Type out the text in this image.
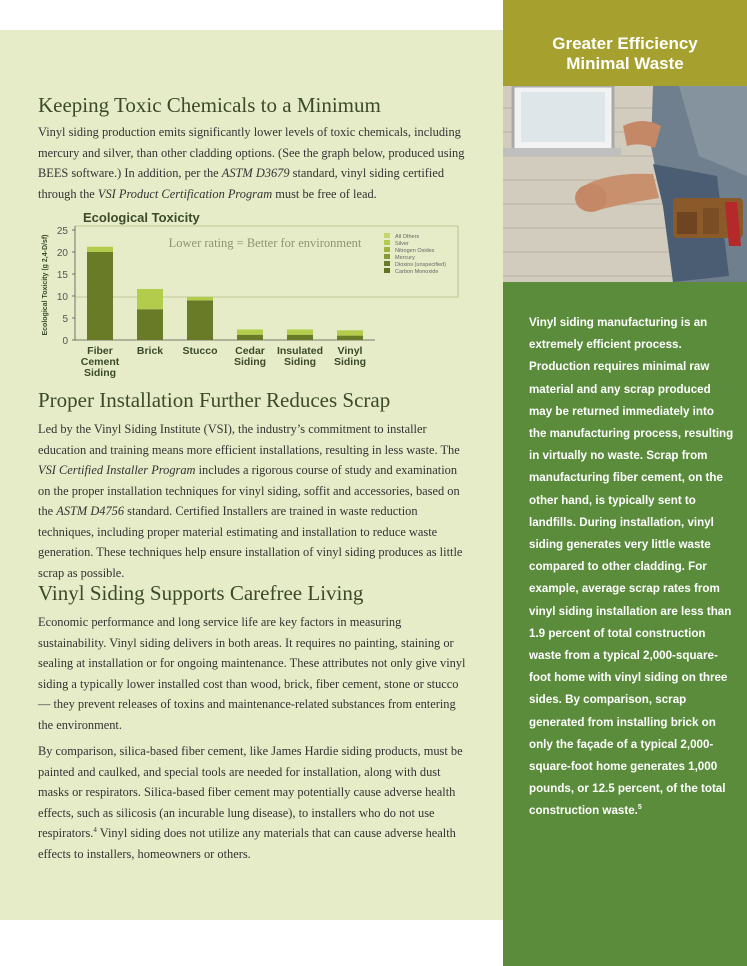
Greater Efficiency
Minimal Waste
Vinyl siding manufacturing is an extremely efficient process. Production requires minimal raw material and any scrap produced may be returned immediately into the manufacturing process, resulting in virtually no waste. Scrap from manufacturing fiber cement, on the other hand, is typically sent to landfills. During installation, vinyl siding generates very little waste compared to other cladding. For example, average scrap rates from vinyl siding installation are less than 1.9 percent of total construction waste from a typical 2,000-square-foot home with vinyl siding on three sides. By comparison, scrap generated from installing brick on only the façade of a typical 2,000-square-foot home generates 1,000 pounds, or 12.5 percent, of the total construction waste.$^5$
Keeping Toxic Chemicals to a Minimum

Vinyl siding production emits significantly lower levels of toxic chemicals, including mercury and silver, than other cladding options. (See the graph below, produced using BEES software.) In addition, per the ASTM D3679 standard, vinyl siding certified through the VSI Product Certification Program must be free of lead.

Ecological Toxicity
0
5
10
15
20
25
Ecological Toxicity (g 2,4-D/sf)	Lower rating = Better for environment
Fiber
Cement
Siding
Brick Stucco Cedar
Siding
Insulated
Siding
Vinyl
Siding
All Others
Silver
Nitrogen Oxides
Mercury
Dioxins (unspecified)
Carbon Monoxide
Proper Installation Further Reduces Scrap

Led by the Vinyl Siding Institute (VSI), the industry’s commitment to installer education and training means more efficient installations, resulting in less waste. The VSI Certified Installer Program includes a rigorous course of study and examination on the proper installation techniques for vinyl siding, soffit and accessories, based on the ASTM D4756 standard. Certified Installers are trained in waste reduction techniques, including proper material estimating and installation to reduce waste generation. These techniques help ensure installation of vinyl siding produces as little scrap as possible.

Vinyl Siding Supports Carefree Living

Economic performance and long service life are key factors in measuring sustainability. Vinyl siding delivers in both areas. It requires no painting, staining or sealing at installation or for ongoing maintenance. These attributes not only give vinyl siding a typically lower installed cost than wood, brick, fiber cement, stone or stucco — they prevent releases of toxins and maintenance-related substances from entering the environment.

By comparison, silica-based fiber cement, like James Hardie siding products, must be painted and caulked, and special tools are needed for installation, along with dust masks or respirators. Silica-based fiber cement may potentially cause adverse health effects, such as silicosis (an incurable lung disease), to installers who do not use respirators.$^4$ Vinyl siding does not utilize any materials that can cause adverse health effects to installers, homeowners or others.
